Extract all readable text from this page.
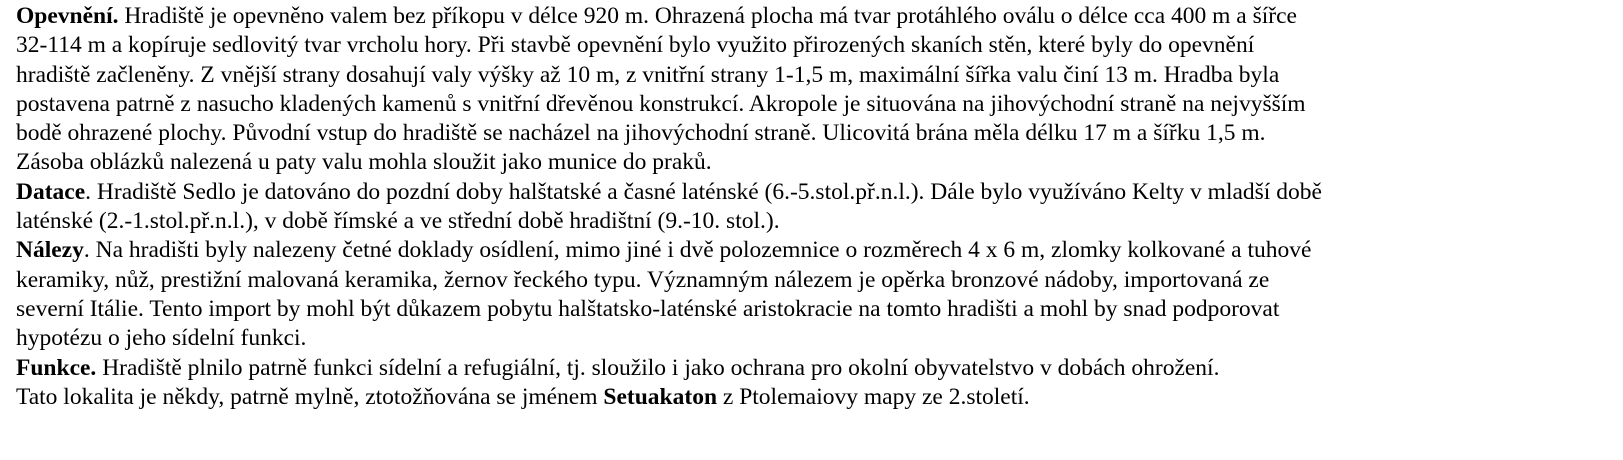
Opevnění. Hradiště je opevněno valem bez příkopu v délce 920 m. Ohrazená plocha má tvar protáhlého oválu o délce cca 400 m a šířce
32-114 m a kopíruje sedlovitý tvar vrcholu hory. Při stavbě opevnění bylo využito přirozených skaních stěn, které byly do opevnění
hradiště začleněny. Z vnější strany dosahují valy výšky až 10 m, z vnitřní strany 1-1,5 m, maximální šířka valu činí 13 m. Hradba byla
postavena patrně z nasucho kladených kamenů s vnitřní dřevěnou konstrukcí. Akropole je situována na jihovýchodní straně na nejvyšším
bodě ohrazené plochy. Původní vstup do hradiště se nacházel na jihovýchodní straně. Ulicovitá brána měla délku 17 m a šířku 1,5 m.
Zásoba oblázků nalezená u paty valu mohla sloužit jako munice do praků.
Datace. Hradiště Sedlo je datováno do pozdní doby halštatské a časné laténské (6.-5.stol.př.n.l.). Dále bylo využíváno Kelty v mladší době
laténské (2.-1.stol.př.n.l.), v době římské a ve střední době hradištní (9.-10. stol.).
Nálezy. Na hradišti byly nalezeny četné doklady osídlení, mimo jiné i dvě polozemnice o rozměrech 4 x 6 m, zlomky kolkované a tuhové
keramiky, nůž, prestižní malovaná keramika, žernov řeckého typu. Významným nálezem je opěrka bronzové nádoby, importovaná ze
severní Itálie. Tento import by mohl být důkazem pobytu halštatsko-laténské aristokracie na tomto hradišti a mohl by snad podporovat
hypotézu o jeho sídelní funkci.
Funkce. Hradiště plnilo patrně funkci sídelní a refugiální, tj. sloužilo i jako ochrana pro okolní obyvatelstvo v dobách ohrožení.
Tato lokalita je někdy, patrně mylně, ztotožňována se jménem Setuakaton z Ptolemaiovy mapy ze 2.století.
